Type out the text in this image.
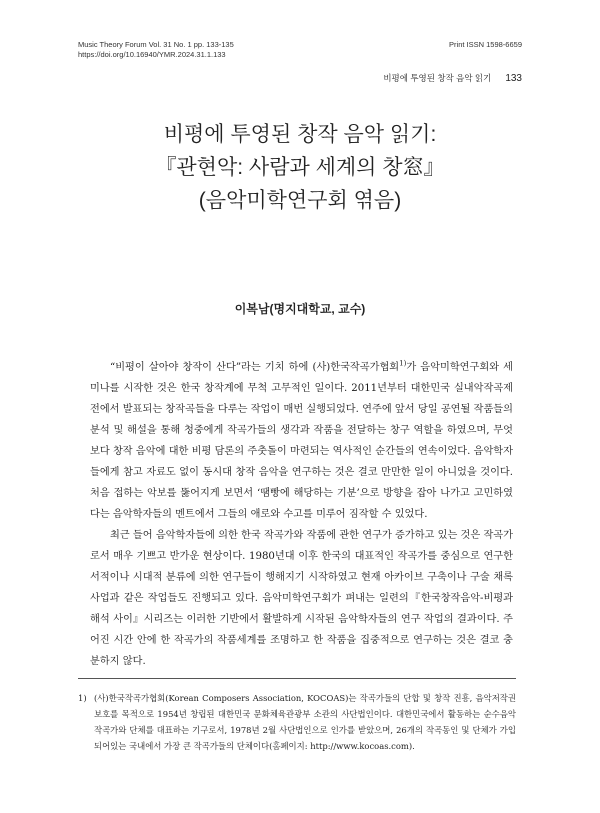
Music Theory Forum Vol. 31 No. 1 pp. 133-135
https://doi.org/10.16940/YMR.2024.31.1.133
Print ISSN 1598-6659
비평에 투영된 창작 음악 읽기 133
비평에 투영된 창작 음악 읽기:
『관현악: 사람과 세계의 창窓』
(음악미학연구회 엮음)
이복남(명지대학교, 교수)

“비평이 살아야 창작이 산다”라는 기치 하에 (사)한국작곡가협회$^{1)}$가 음악미학연구회와 세미나를 시작한 것은 한국 창작계에 무척 고무적인 일이다. 2011년부터 대한민국 실내악작곡제전에서 발표되는 창작곡들을 다루는 작업이 매번 실행되었다. 연주에 앞서 당일 공연될 작품들의 분석 및 해설을 통해 청중에게 작곡가들의 생각과 작품을 전달하는 창구 역할을 하였으며, 무엇보다 창작 음악에 대한 비평 담론의 주춧돌이 마련되는 역사적인 순간들의 연속이었다. 음악학자들에게 참고 자료도 없이 동시대 창작 음악을 연구하는 것은 결코 만만한 일이 아니었을 것이다. 처음 접하는 악보를 뚫어지게 보면서 ‘땜빵에 해당하는 기분’으로 방향을 잡아 나가고 고민하였다는 음악학자들의 멘트에서 그들의 애로와 수고를 미루어 짐작할 수 있었다.

최근 들어 음악학자들에 의한 한국 작곡가와 작품에 관한 연구가 증가하고 있는 것은 작곡가로서 매우 기쁘고 반가운 현상이다. 1980년대 이후 한국의 대표적인 작곡가를 중심으로 연구한 서적이나 시대적 분류에 의한 연구들이 행해지기 시작하였고 현재 아카이브 구축이나 구술 채록 사업과 같은 작업들도 진행되고 있다. 음악미학연구회가 펴내는 일련의『한국창작음악-비평과 해석 사이』시리즈는 이러한 기반에서 활발하게 시작된 음악학자들의 연구 작업의 결과이다. 주어진 시간 안에 한 작곡가의 작품세계를 조명하고 한 작품을 집중적으로 연구하는 것은 결코 충분하지 않다.

1) (사)한국작곡가협회(Korean Composers Association, KOCOAS)는 작곡가들의 단합 및 창작 진흥, 음악저작권 보호를 목적으로 1954년 창립된 대한민국 문화체육관광부 소관의 사단법인이다. 대한민국에서 활동하는 순수음악 작곡가와 단체를 대표하는 기구로서, 1978년 2월 사단법인으로 인가를 받았으며, 26개의 작곡동인 및 단체가 가입되어있는 국내에서 가장 큰 작곡가들의 단체이다(홈페이지: http://www.kocoas.com).
